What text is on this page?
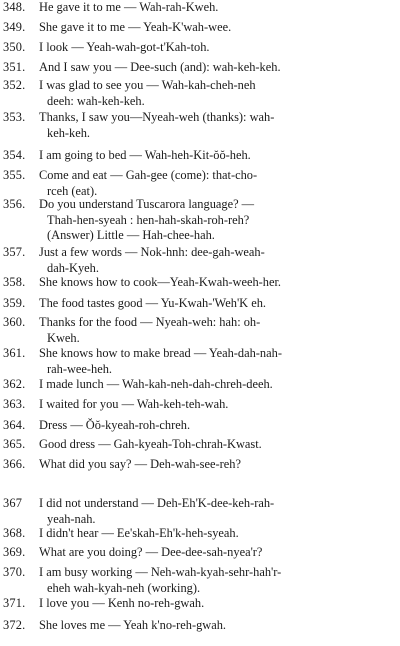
348.	He gave it to me — Wah-rah-Kweh.
349.	She gave it to me — Yeah-K'wah-wee.
350.	I look — Yeah-wah-got-t'Kah-toh.
351.	And I saw you — Dee-such (and): wah-keh-keh.
352.	I was glad to see you — Wah-kah-cheh-neh
deeh: wah-keh-keh.
353.	Thanks, I saw you—Nyeah-weh (thanks): wah-
keh-keh.
354.	I am going to bed — Wah-heh-Kit-ŏŏ-heh.
355.	Come and eat — Gah-gee (come): that-cho-
rceh (eat).
356.	Do you understand Tuscarora language? —
Thah-hen-syeah : hen-hah-skah-roh-reh?
(Answer) Little — Hah-chee-hah.
357.	Just a few words — Nok-hnh: dee-gah-weah-
dah-Kyeh.
358.	She knows how to cook—Yeah-Kwah-weeh-her.
359.	The food tastes good — Yu-Kwah-'Weh'K eh.
360.	Thanks for the food — Nyeah-weh: hah: oh-
Kweh.
361.	She knows how to make bread — Yeah-dah-nah-
rah-wee-heh.
362.	I made lunch — Wah-kah-neh-dah-chreh-deeh.
363.	I waited for you — Wah-keh-teh-wah.
364.	Dress — Ŏŏ-kyeah-roh-chreh.
365.	Good dress — Gah-kyeah-Toh-chrah-Kwast.
366.	What did you say? — Deh-wah-see-reh?
367	I did not understand — Deh-Eh'K-dee-keh-rah-
yeah-nah.
368.	I didn't hear — Ee'skah-Eh'k-heh-syeah.
369.	What are you doing? — Dee-dee-sah-nyea'r?
370.	I am busy working — Neh-wah-kyah-sehr-hah'r-
eheh wah-kyah-neh (working).
371.	I love you — Kenh no-reh-gwah.
372.	She loves me — Yeah k'no-reh-gwah.
